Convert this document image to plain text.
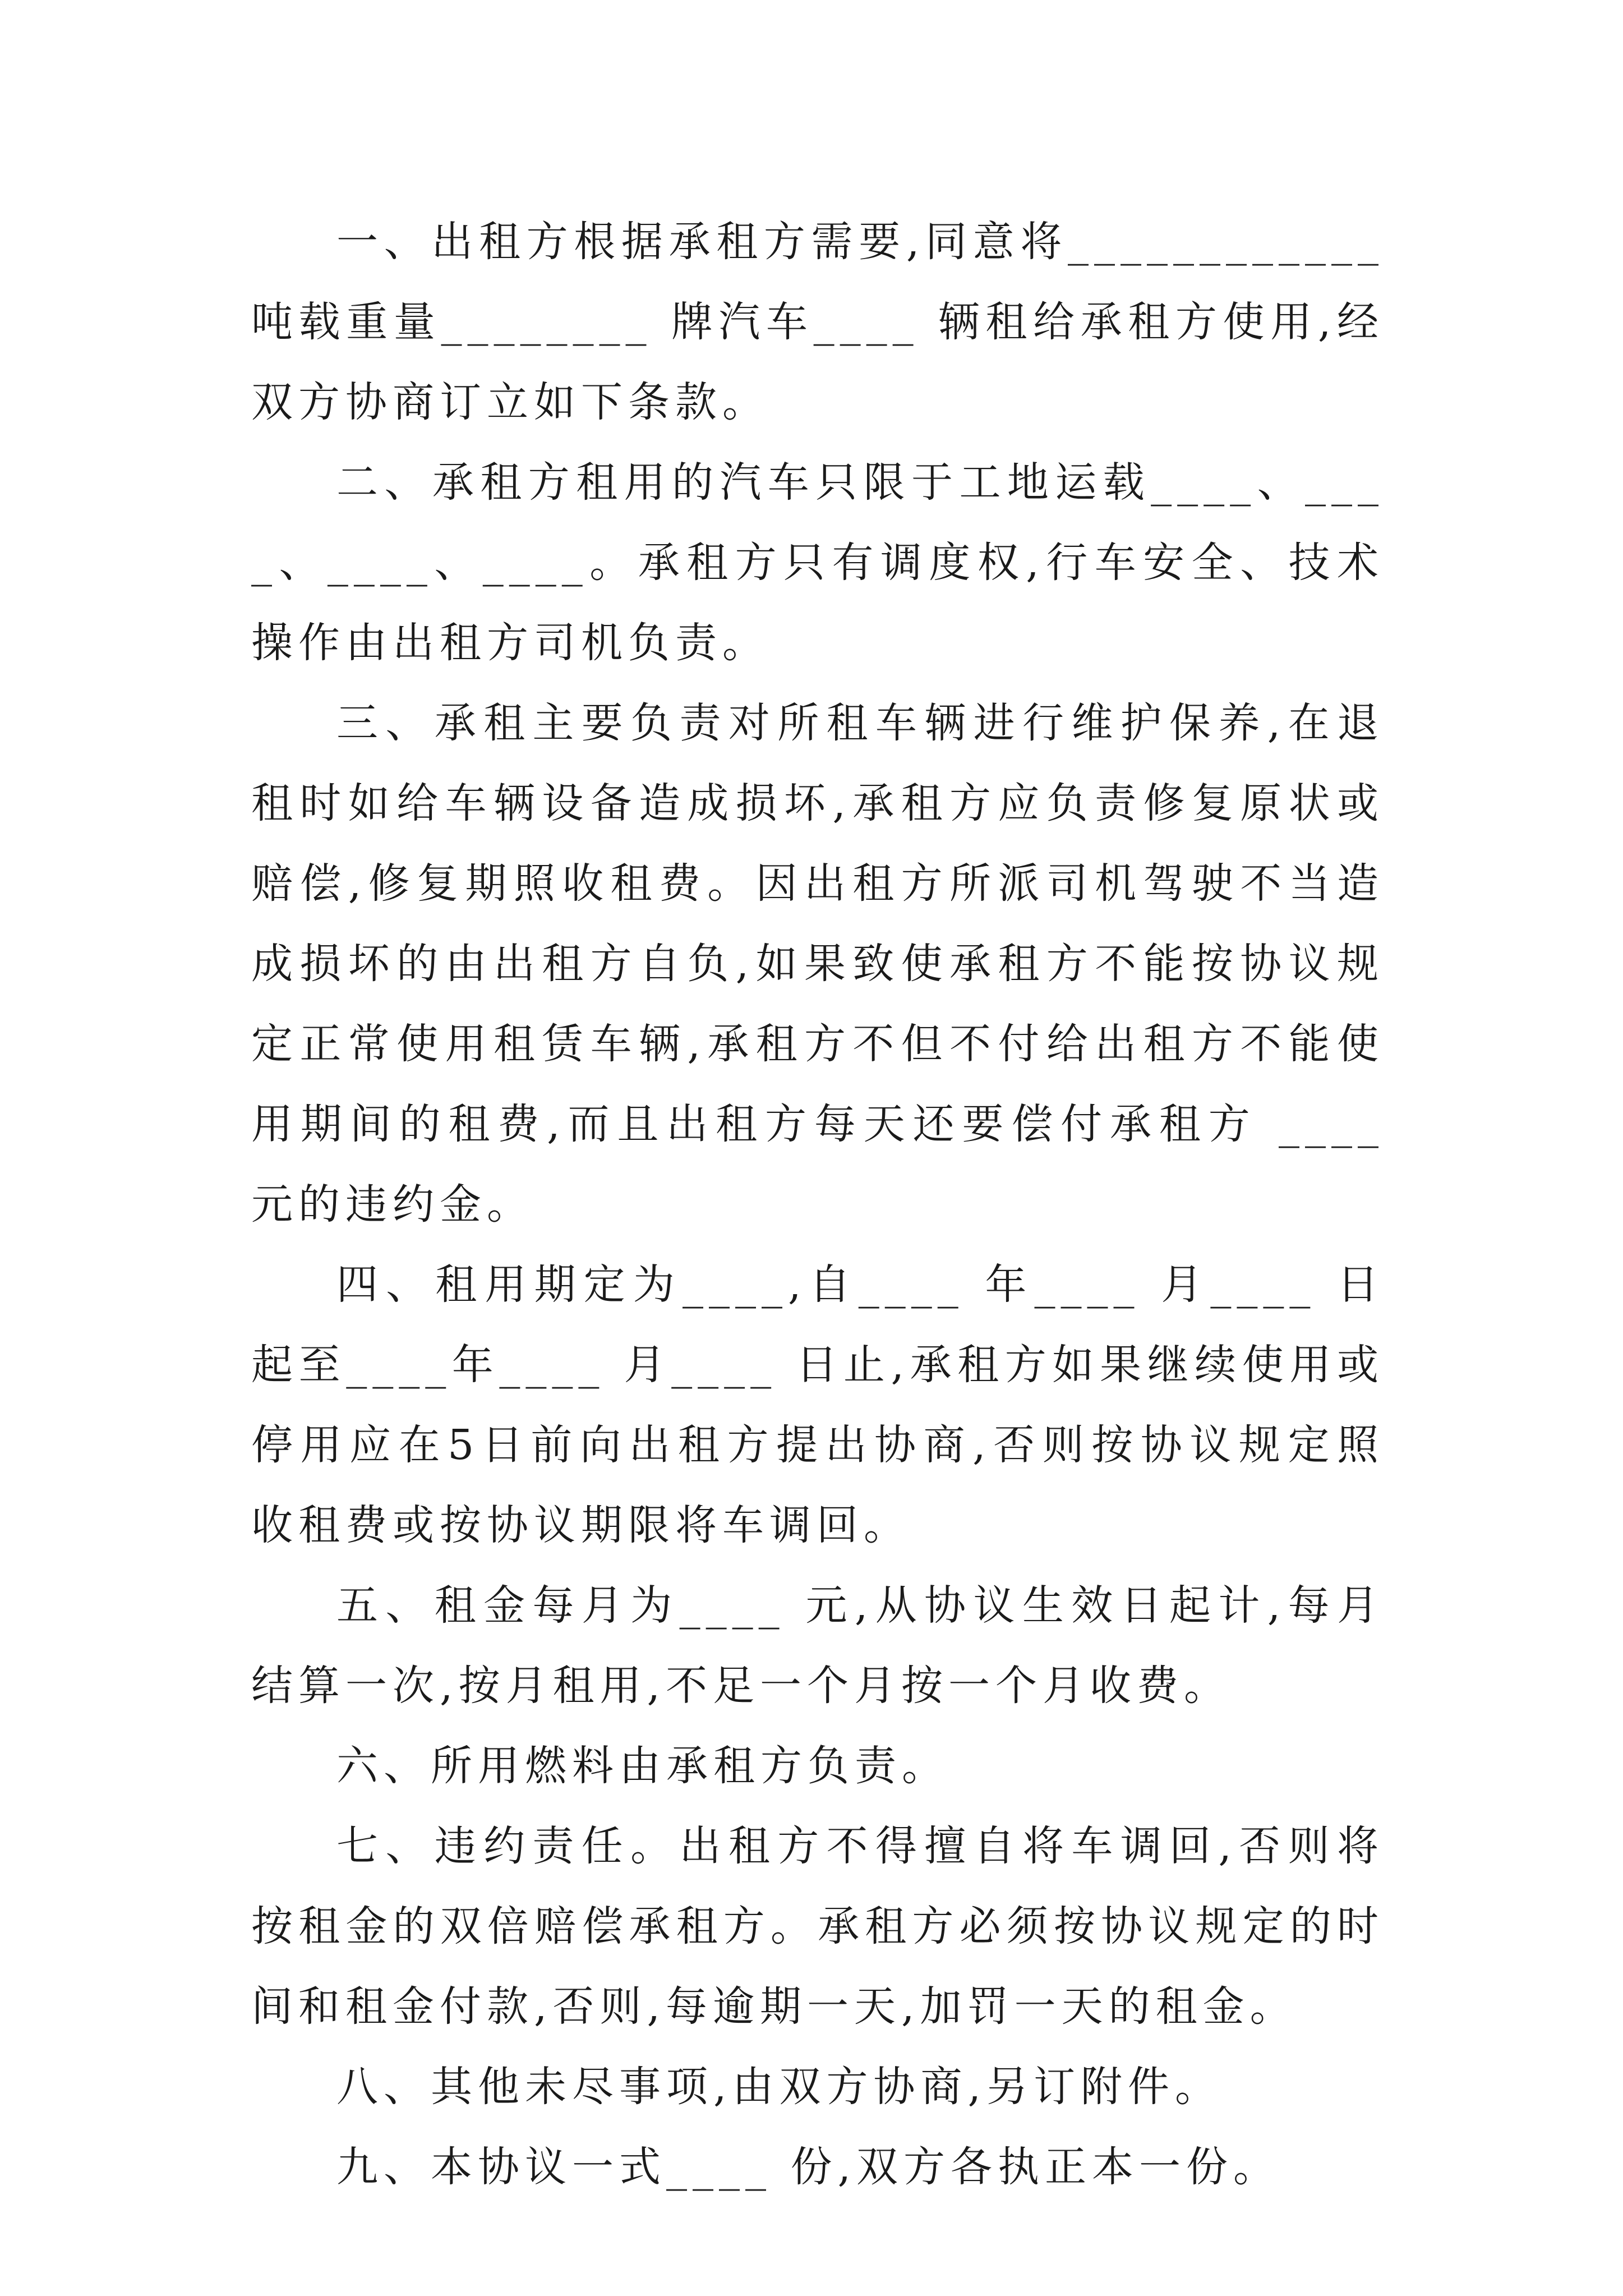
一、出租方根据承租方需要,同意将____________吨载重量________ 牌汽车____ 辆租给承租方使用,经双方协商订立如下条款。

二、承租方租用的汽车只限于工地运载____、____、____、____。承租方只有调度权,行车安全、技术操作由出租方司机负责。

三、承租主要负责对所租车辆进行维护保养,在退租时如给车辆设备造成损坏,承租方应负责修复原状或赔偿,修复期照收租费。因出租方所派司机驾驶不当造成损坏的由出租方自负,如果致使承租方不能按协议规定正常使用租赁车辆,承租方不但不付给出租方不能使用期间的租费,而且出租方每天还要偿付承租方 ____ 元的违约金。

四、租用期定为____,自____ 年____ 月____ 日起至____年____ 月____ 日止,承租方如果继续使用或停用应在5日前向出租方提出协商,否则按协议规定照收租费或按协议期限将车调回。

五、租金每月为____ 元,从协议生效日起计,每月结算一次,按月租用,不足一个月按一个月收费。

六、所用燃料由承租方负责。

七、违约责任。出租方不得擅自将车调回,否则将按租金的双倍赔偿承租方。承租方必须按协议规定的时间和租金付款,否则,每逾期一天,加罚一天的租金。

八、其他未尽事项,由双方协商,另订附件。

九、本协议一式____ 份,双方各执正本一份。
